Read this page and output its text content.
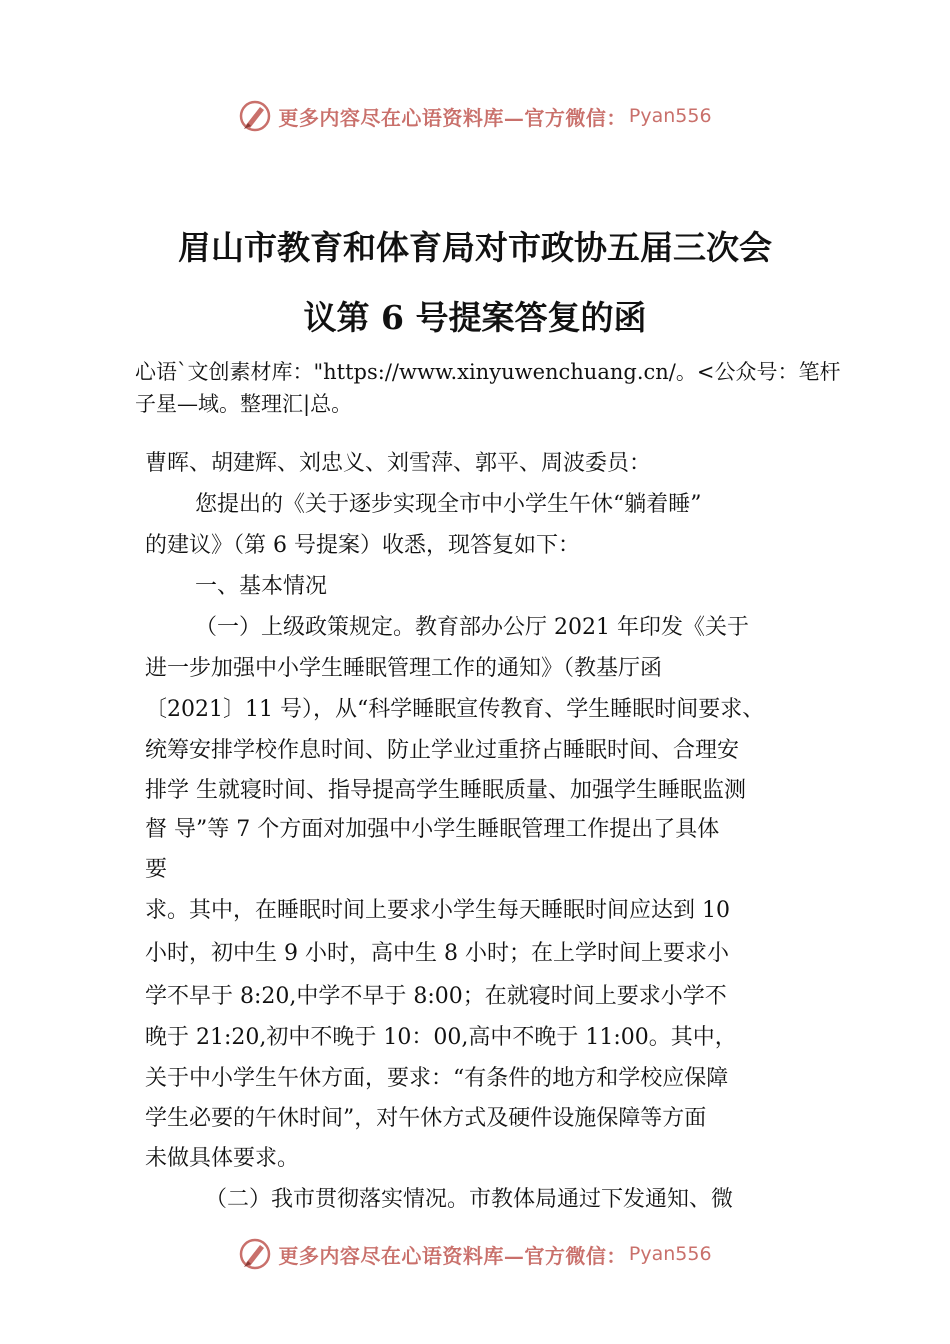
更多内容尽在心语资料库—官方微信： Pyan556
眉山市教育和体育局对市政协五届三次会
议第 6 号提案答复的函
心语`文创素材库："https://www.xinyuwenchuang.cn/。<公众号：笔杆子星—域。整理汇|总。
曹晖、胡建辉、刘忠义、刘雪萍、郭平、周波委员：
您提出的《关于逐步实现全市中小学生午休“躺着睡”
的建议》（第 6 号提案）收悉，现答复如下：
一、基本情况
（一）上级政策规定。教育部办公厅 2021 年印发《关于
进一步加强中小学生睡眠管理工作的通知》（教基厅函
〔2021〕11 号），从“科学睡眠宣传教育、学生睡眠时间要求、
统筹安排学校作息时间、防止学业过重挤占睡眠时间、合理安
排学 生就寝时间、指导提高学生睡眠质量、加强学生睡眠监测
督 导”等 7 个方面对加强中小学生睡眠管理工作提出了具体
要
求。其中，在睡眠时间上要求小学生每天睡眠时间应达到 10
小时，初中生 9 小时，高中生 8 小时；在上学时间上要求小
学不早于 8:20,中学不早于 8:00；在就寝时间上要求小学不
晚于 21:20,初中不晚于 10：00,高中不晚于 11:00。其中，
关于中小学生午休方面，要求：“有条件的地方和学校应保障
学生必要的午休时间”，对午休方式及硬件设施保障等方面
未做具体要求。
（二）我市贯彻落实情况。市教体局通过下发通知、微
更多内容尽在心语资料库—官方微信： Pyan556
